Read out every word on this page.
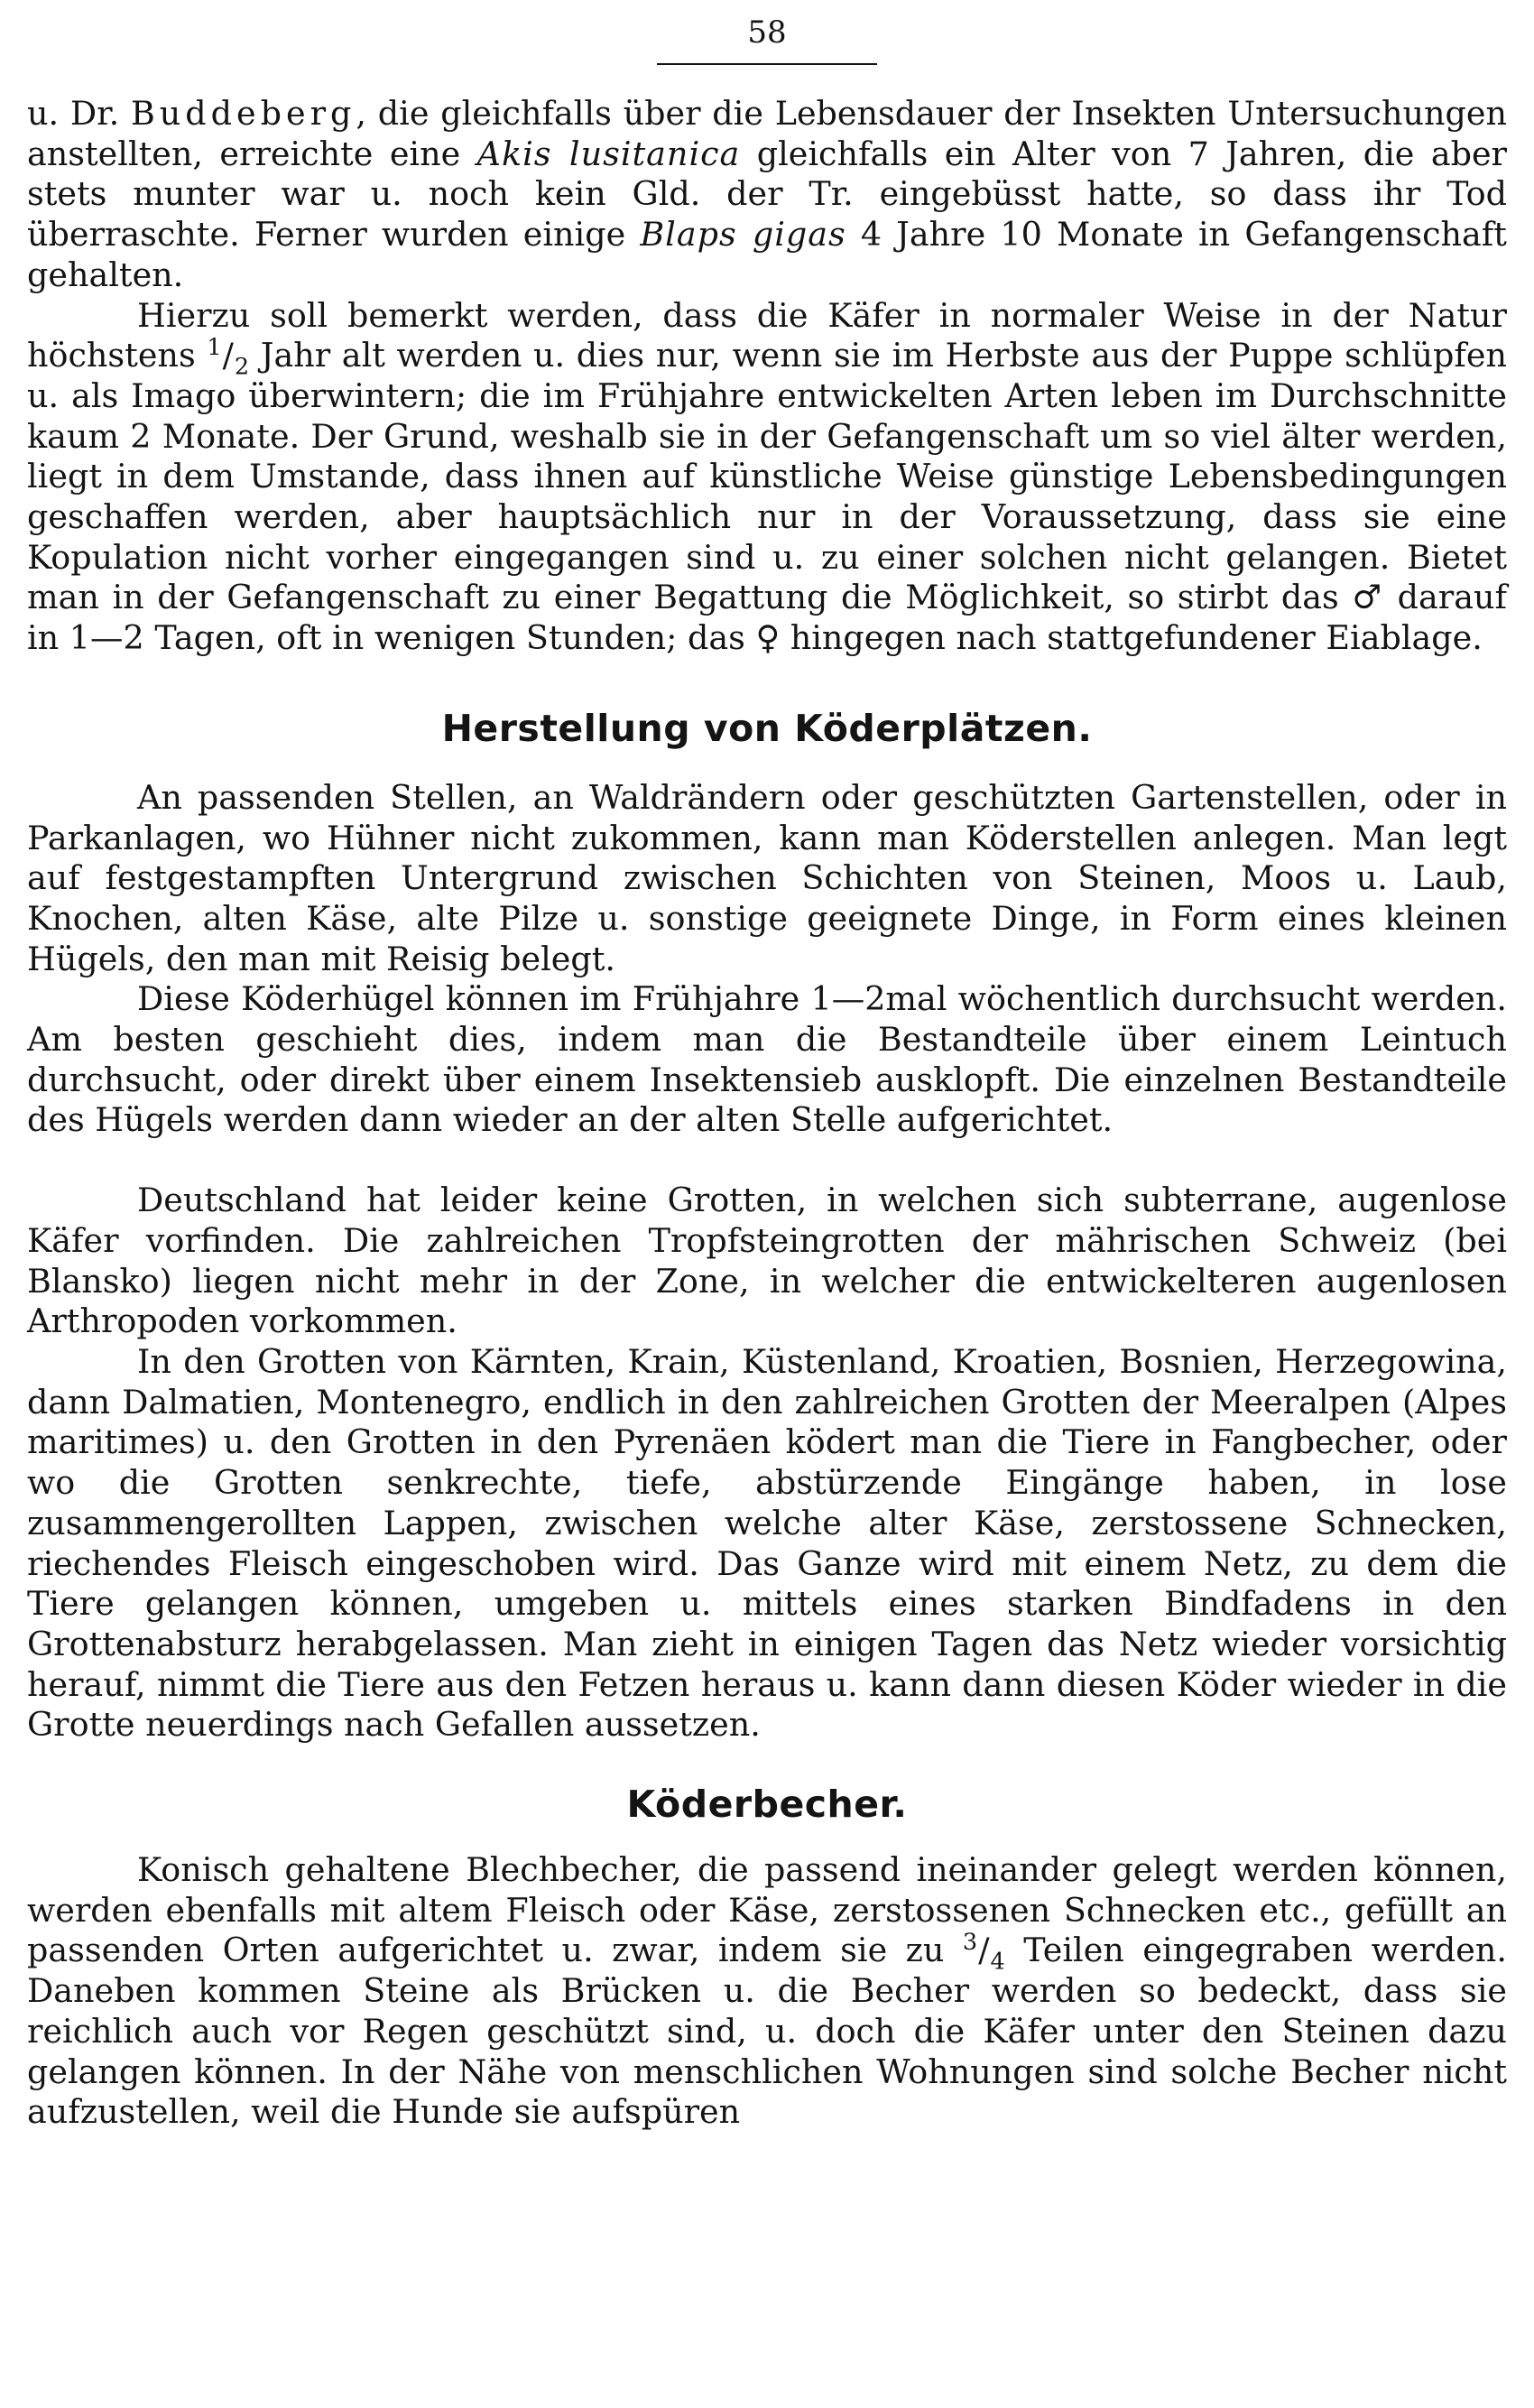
58

u. Dr. Buddeberg, die gleichfalls über die Lebensdauer der Insekten Untersuchungen anstellten, erreichte eine Akis lusitanica gleichfalls ein Alter von 7 Jahren, die aber stets munter war u. noch kein Gld. der Tr. eingebüsst hatte, so dass ihr Tod überraschte. Ferner wurden einige Blaps gigas 4 Jahre 10 Monate in Gefangenschaft gehalten.

Hierzu soll bemerkt werden, dass die Käfer in normaler Weise in der Natur höchstens $^1/_2$ Jahr alt werden u. dies nur, wenn sie im Herbste aus der Puppe schlüpfen u. als Imago überwintern; die im Frühjahre entwickelten Arten leben im Durchschnitte kaum 2 Monate. Der Grund, weshalb sie in der Gefangenschaft um so viel älter werden, liegt in dem Umstande, dass ihnen auf künstliche Weise günstige Lebensbedingungen geschaffen werden, aber hauptsächlich nur in der Voraussetzung, dass sie eine Kopulation nicht vorher eingegangen sind u. zu einer solchen nicht gelangen. Bietet man in der Gefangenschaft zu einer Begattung die Möglichkeit, so stirbt das ♂ darauf in 1—2 Tagen, oft in wenigen Stunden; das ♀ hingegen nach stattgefundener Eiablage.

Herstellung von Köderplätzen.

An passenden Stellen, an Waldrändern oder geschützten Gartenstellen, oder in Parkanlagen, wo Hühner nicht zukommen, kann man Köderstellen anlegen. Man legt auf festgestampften Untergrund zwischen Schichten von Steinen, Moos u. Laub, Knochen, alten Käse, alte Pilze u. sonstige geeignete Dinge, in Form eines kleinen Hügels, den man mit Reisig belegt.

Diese Köderhügel können im Frühjahre 1—2mal wöchentlich durchsucht werden. Am besten geschieht dies, indem man die Bestandteile über einem Leintuch durchsucht, oder direkt über einem Insektensieb ausklopft. Die einzelnen Bestandteile des Hügels werden dann wieder an der alten Stelle aufgerichtet.

Deutschland hat leider keine Grotten, in welchen sich subterrane, augenlose Käfer vorfinden. Die zahlreichen Tropfsteingrotten der mährischen Schweiz (bei Blansko) liegen nicht mehr in der Zone, in welcher die entwickelteren augenlosen Arthropoden vorkommen.

In den Grotten von Kärnten, Krain, Küstenland, Kroatien, Bosnien, Herzegowina, dann Dalmatien, Montenegro, endlich in den zahlreichen Grotten der Meeralpen (Alpes maritimes) u. den Grotten in den Pyrenäen ködert man die Tiere in Fangbecher, oder wo die Grotten senkrechte, tiefe, abstürzende Eingänge haben, in lose zusammengerollten Lappen, zwischen welche alter Käse, zerstossene Schnecken, riechendes Fleisch eingeschoben wird. Das Ganze wird mit einem Netz, zu dem die Tiere gelangen können, umgeben u. mittels eines starken Bindfadens in den Grottenabsturz herabgelassen. Man zieht in einigen Tagen das Netz wieder vorsichtig herauf, nimmt die Tiere aus den Fetzen heraus u. kann dann diesen Köder wieder in die Grotte neuerdings nach Gefallen aussetzen.

Köderbecher.

Konisch gehaltene Blechbecher, die passend ineinander gelegt werden können, werden ebenfalls mit altem Fleisch oder Käse, zerstossenen Schnecken etc., gefüllt an passenden Orten aufgerichtet u. zwar, indem sie zu $^3/_4$ Teilen eingegraben werden. Daneben kommen Steine als Brücken u. die Becher werden so bedeckt, dass sie reichlich auch vor Regen geschützt sind, u. doch die Käfer unter den Steinen dazu gelangen können. In der Nähe von menschlichen Wohnungen sind solche Becher nicht aufzustellen, weil die Hunde sie aufspüren
